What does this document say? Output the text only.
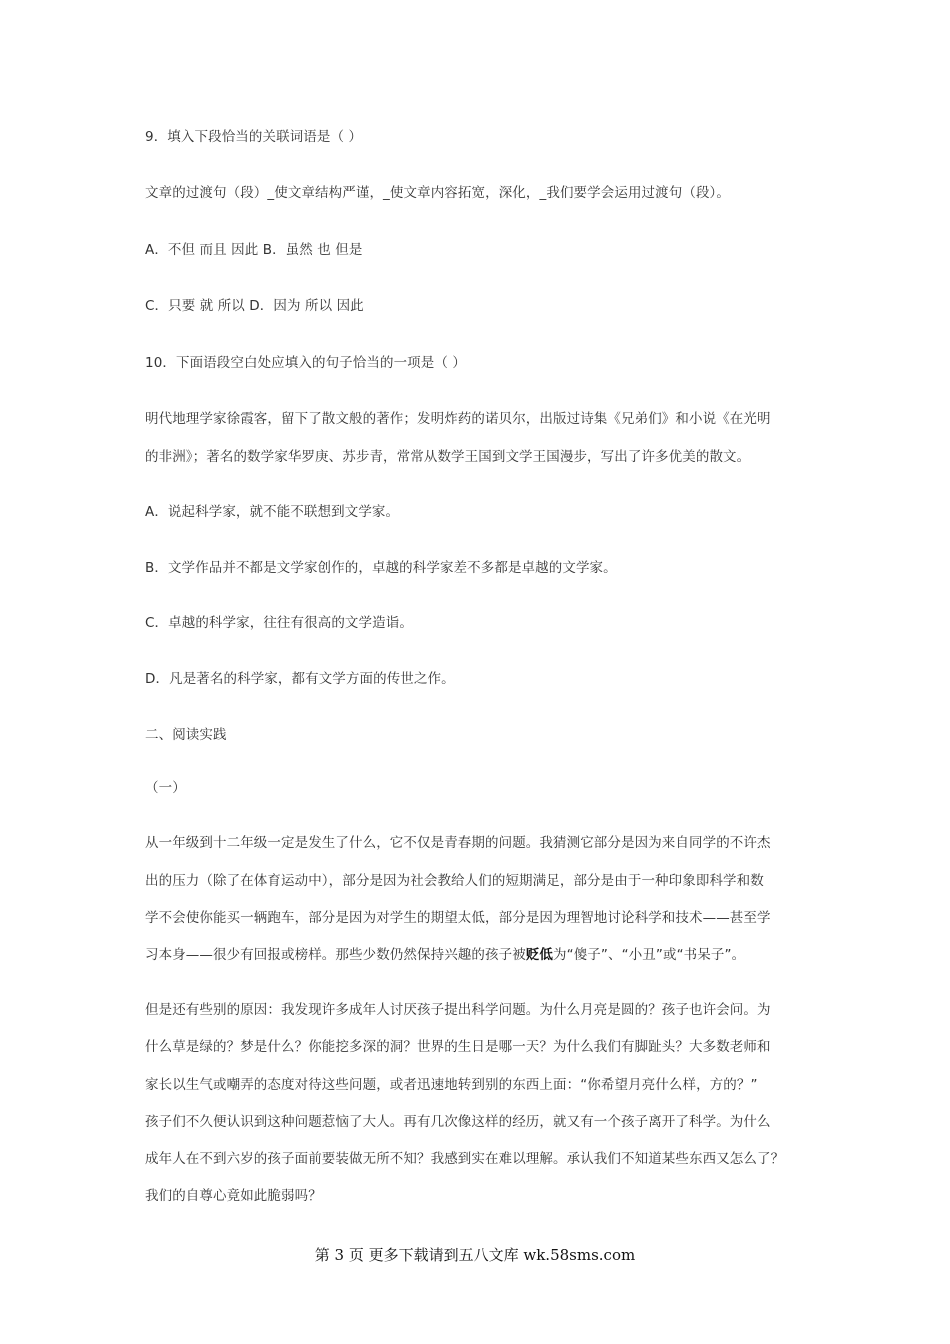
9．填入下段恰当的关联词语是（ ）
文章的过渡句（段）_使文章结构严谨，_使文章内容拓宽，深化，_我们要学会运用过渡句（段）。
A．不但 而且 因此 B．虽然 也 但是
C．只要 就 所以 D．因为 所以 因此
10．下面语段空白处应填入的句子恰当的一项是（ ）
明代地理学家徐霞客，留下了散文般的著作；发明炸药的诺贝尔，出版过诗集《兄弟们》和小说《在光明
的非洲》；著名的数学家华罗庚、苏步青，常常从数学王国到文学王国漫步，写出了许多优美的散文。
A．说起科学家，就不能不联想到文学家。
B．文学作品并不都是文学家创作的，卓越的科学家差不多都是卓越的文学家。
C．卓越的科学家，往往有很高的文学造诣。
D．凡是著名的科学家，都有文学方面的传世之作。
二、阅读实践
（一）
从一年级到十二年级一定是发生了什么，它不仅是青春期的问题。我猜测它部分是因为来自同学的不许杰
出的压力（除了在体育运动中），部分是因为社会教给人们的短期满足，部分是由于一种印象即科学和数
学不会使你能买一辆跑车，部分是因为对学生的期望太低，部分是因为理智地讨论科学和技术——甚至学
习本身——很少有回报或榜样。那些少数仍然保持兴趣的孩子被贬低为“傻子”、“小丑”或“书呆子”。
但是还有些别的原因：我发现许多成年人讨厌孩子提出科学问题。为什么月亮是圆的？孩子也许会问。为
什么草是绿的？梦是什么？你能挖多深的洞？世界的生日是哪一天？为什么我们有脚趾头？大多数老师和
家长以生气或嘲弄的态度对待这些问题，或者迅速地转到别的东西上面：“你希望月亮什么样，方的？”
孩子们不久便认识到这种问题惹恼了大人。再有几次像这样的经历，就又有一个孩子离开了科学。为什么
成年人在不到六岁的孩子面前要装做无所不知？我感到实在难以理解。承认我们不知道某些东西又怎么了？
我们的自尊心竟如此脆弱吗？
第 3 页 更多下载请到五八文库 wk.58sms.com
